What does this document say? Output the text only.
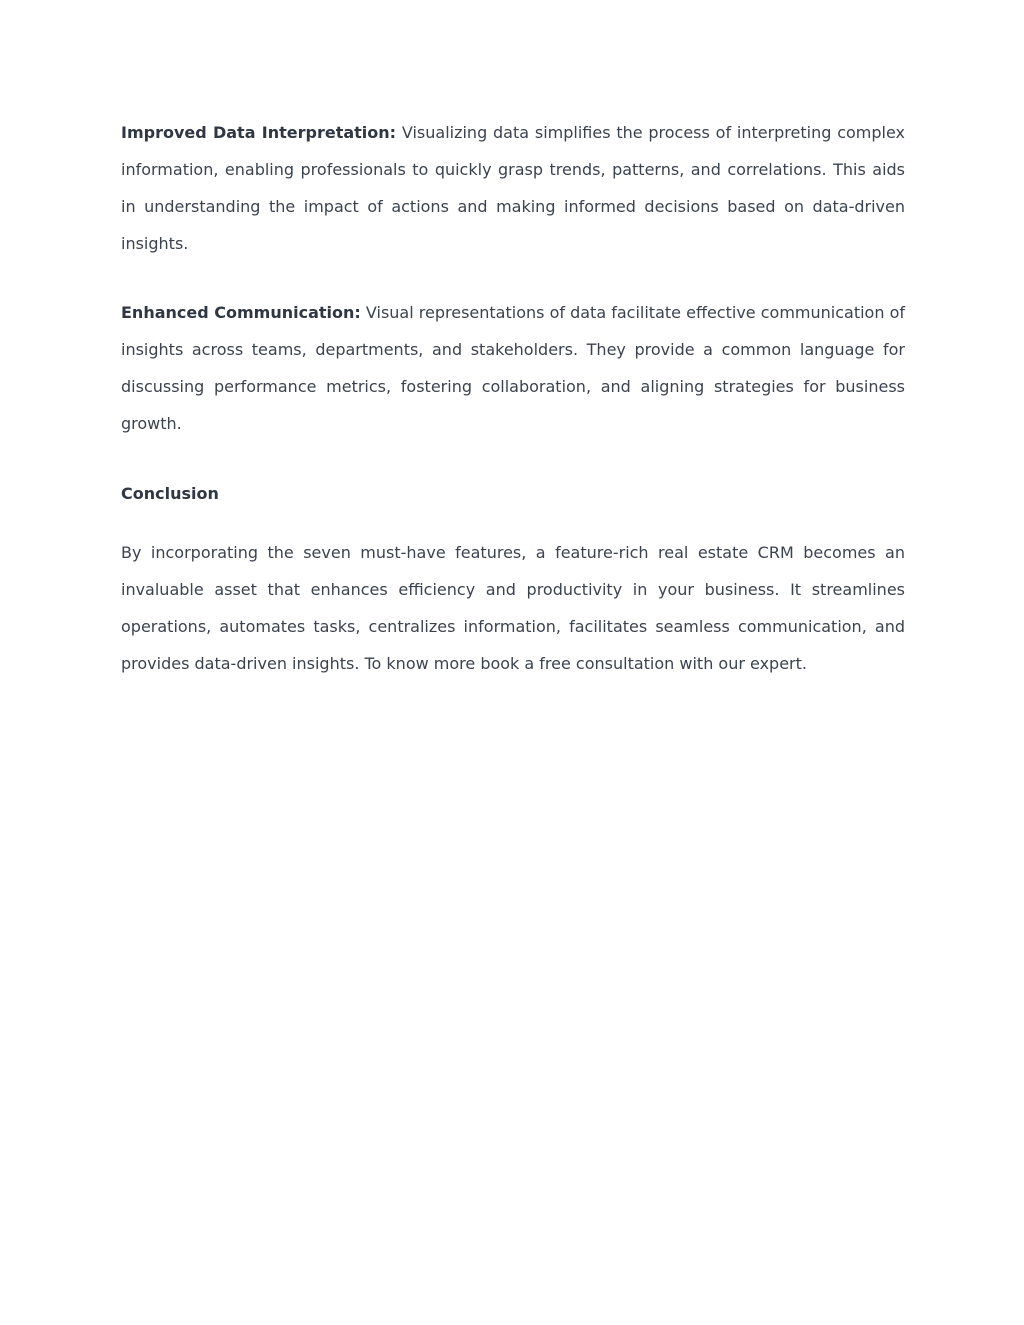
Improved Data Interpretation: Visualizing data simplifies the process of interpreting complex information, enabling professionals to quickly grasp trends, patterns, and correlations. This aids in understanding the impact of actions and making informed decisions based on data-driven insights.

Enhanced Communication: Visual representations of data facilitate effective communication of insights across teams, departments, and stakeholders. They provide a common language for discussing performance metrics, fostering collaboration, and aligning strategies for business growth.

Conclusion

By incorporating the seven must-have features, a feature-rich real estate CRM becomes an invaluable asset that enhances efficiency and productivity in your business. It streamlines operations, automates tasks, centralizes information, facilitates seamless communication, and provides data-driven insights. To know more book a free consultation with our expert.
